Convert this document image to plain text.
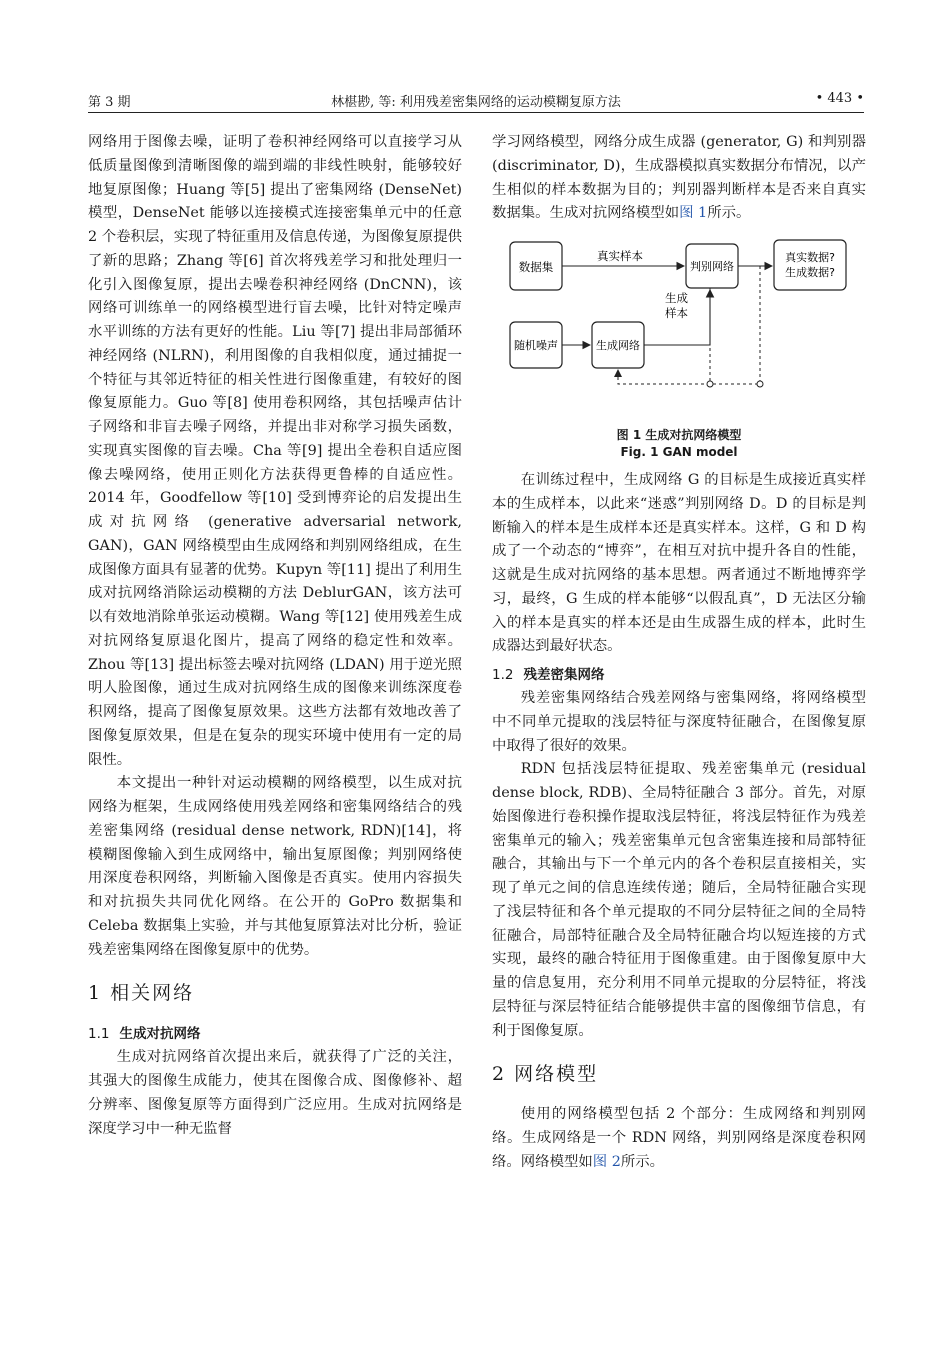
第 3 期	林椹尠, 等: 利用残差密集网络的运动模糊复原方法	• 443 •

网络用于图像去噪，证明了卷积神经网络可以直接学习从低质量图像到清晰图像的端到端的非线性映射，能够较好地复原图像；Huang 等[5] 提出了密集网络 (DenseNet) 模型，DenseNet 能够以连接模式连接密集单元中的任意 2 个卷积层，实现了特征重用及信息传递，为图像复原提供了新的思路；Zhang 等[6] 首次将残差学习和批处理归一化引入图像复原，提出去噪卷积神经网络 (DnCNN)，该网络可训练单一的网络模型进行盲去噪，比针对特定噪声水平训练的方法有更好的性能。Liu 等[7] 提出非局部循环神经网络 (NLRN)，利用图像的自我相似度，通过捕捉一个特征与其邻近特征的相关性进行图像重建，有较好的图像复原能力。Guo 等[8] 使用卷积网络，其包括噪声估计子网络和非盲去噪子网络，并提出非对称学习损失函数，实现真实图像的盲去噪。Cha 等[9] 提出全卷积自适应图像去噪网络，使用正则化方法获得更鲁棒的自适应性。2014 年，Goodfellow 等[10] 受到博弈论的启发提出生成对抗网络 (generative adversarial network, GAN)，GAN 网络模型由生成网络和判别网络组成，在生成图像方面具有显著的优势。Kupyn 等[11] 提出了利用生成对抗网络消除运动模糊的方法 DeblurGAN，该方法可以有效地消除单张运动模糊。Wang 等[12] 使用残差生成对抗网络复原退化图片，提高了网络的稳定性和效率。Zhou 等[13] 提出标签去噪对抗网络 (LDAN) 用于逆光照明人脸图像，通过生成对抗网络生成的图像来训练深度卷积网络，提高了图像复原效果。这些方法都有效地改善了图像复原效果，但是在复杂的现实环境中使用有一定的局限性。

本文提出一种针对运动模糊的网络模型，以生成对抗网络为框架，生成网络使用残差网络和密集网络结合的残差密集网络 (residual dense network, RDN)[14]，将模糊图像输入到生成网络中，输出复原图像；判别网络使用深度卷积网络，判断输入图像是否真实。使用内容损失和对抗损失共同优化网络。在公开的 GoPro 数据集和 Celeba 数据集上实验，并与其他复原算法对比分析，验证残差密集网络在图像复原中的优势。

1 相关网络
1.1 生成对抗网络

生成对抗网络首次提出来后，就获得了广泛的关注，其强大的图像生成能力，使其在图像合成、图像修补、超分辨率、图像复原等方面得到广泛应用。生成对抗网络是深度学习中一种无监督

学习网络模型，网络分成生成器 (generator, G) 和判别器 (discriminator, D)，生成器模拟真实数据分布情况，以产生相似的样本数据为目的；判别器判断样本是否来自真实数据集。生成对抗网络模型如图 1所示。

数据集
真实样本
判别网络
真实数据?
生成数据?
生成
样本
随机噪声	生成网络
图 1 生成对抗网络模型
Fig. 1 GAN model

在训练过程中，生成网络 G 的目标是生成接近真实样本的生成样本，以此来“迷惑”判别网络 D。D 的目标是判断输入的样本是生成样本还是真实样本。这样，G 和 D 构成了一个动态的“博弈”，在相互对抗中提升各自的性能，这就是生成对抗网络的基本思想。两者通过不断地博弈学习，最终，G 生成的样本能够“以假乱真”，D 无法区分输入的样本是真实的样本还是由生成器生成的样本，此时生成器达到最好状态。

1.2 残差密集网络

残差密集网络结合残差网络与密集网络，将网络模型中不同单元提取的浅层特征与深度特征融合，在图像复原中取得了很好的效果。

RDN 包括浅层特征提取、残差密集单元 (residual dense block, RDB)、全局特征融合 3 部分。首先，对原始图像进行卷积操作提取浅层特征，将浅层特征作为残差密集单元的输入；残差密集单元包含密集连接和局部特征融合，其输出与下一个单元内的各个卷积层直接相关，实现了单元之间的信息连续传递；随后，全局特征融合实现了浅层特征和各个单元提取的不同分层特征之间的全局特征融合，局部特征融合及全局特征融合均以短连接的方式实现，最终的融合特征用于图像重建。由于图像复原中大量的信息复用，充分利用不同单元提取的分层特征，将浅层特征与深层特征结合能够提供丰富的图像细节信息，有利于图像复原。

2 网络模型

使用的网络模型包括 2 个部分：生成网络和判别网络。生成网络是一个 RDN 网络，判别网络是深度卷积网络。网络模型如图 2所示。
